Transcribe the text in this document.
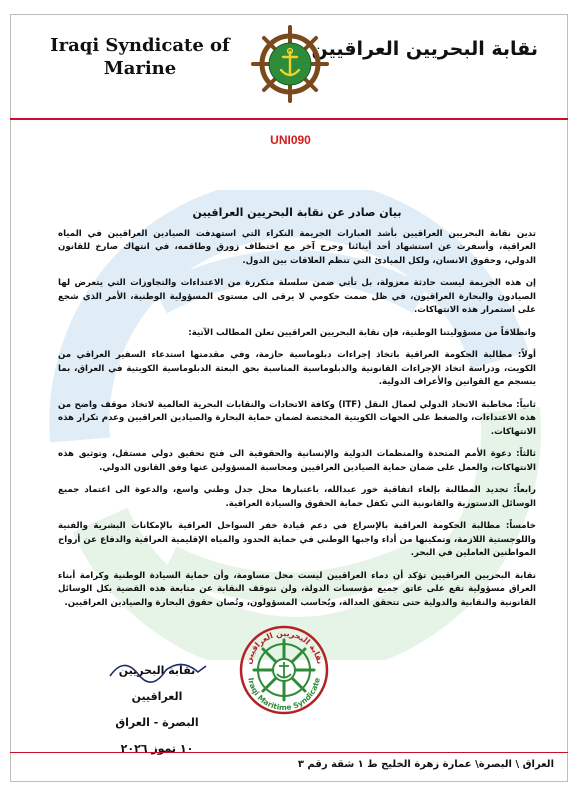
Iraqi Syndicate of
Marine
نقابة البحريين العراقيين
UNI090
بيان صادر عن نقابة البحريين العراقيين

تدين نقابة البحريين العراقيين بأشد العبارات الجريمة النكراء التي استهدفت الصيادين العراقيين في المياه العراقية، وأسفرت عن استشهاد أحد أبنائنا وجرح آخر مع اختطاف زورق وطاقمه، في انتهاك صارخ للقانون الدولي، وحقوق الانسان، ولكل المبادئ التي تنظم العلاقات بين الدول.

إن هذه الجريمة ليست حادثة معزولة، بل تأتي ضمن سلسلة متكررة من الاعتداءات والتجاوزات التي يتعرض لها الصيادون والبحارة العراقيون، في ظل صمت حكومي لا يرقى الى مستوى المسؤولية الوطنية، الأمر الذي شجع على استمرار هذه الانتهاكات.

وانطلاقاً من مسؤوليتنا الوطنية، فإن نقابة البحريين العراقيين تعلن المطالب الآتية:

أولاً: مطالبة الحكومة العراقية باتخاذ إجراءات دبلوماسية حازمة، وفي مقدمتها استدعاء السفير العراقي من الكويت، ودراسة اتخاذ الإجراءات القانونية والدبلوماسية المناسبة بحق البعثة الدبلوماسية الكويتية في العراق، بما ينسجم مع القوانين والأعراف الدولية.

ثانياً: مخاطبة الاتحاد الدولي لعمال النقل (ITF) وكافة الاتحادات والنقابات البحرية العالمية لاتخاذ موقف واضح من هذه الاعتداءات، والضغط على الجهات الكويتية المختصة لضمان حماية البحارة والصيادين العراقيين وعدم تكرار هذه الانتهاكات.

ثالثاً: دعوة الأمم المتحدة والمنظمات الدولية والإنسانية والحقوقية الى فتح تحقيق دولي مستقل، وتوثيق هذه الانتهاكات، والعمل على ضمان حماية الصيادين العراقيين ومحاسبة المسؤولين عنها وفق القانون الدولي.

رابعاً: تجديد المطالبة بإلغاء اتفاقية خور عبدالله، باعتبارها محل جدل وطني واسع، والدعوة الى اعتماد جميع الوسائل الدستورية والقانونية التي تكفل حماية الحقوق والسيادة العراقية.

خامساً: مطالبة الحكومة العراقية بالإسراع في دعم قيادة خفر السواحل العراقية بالإمكانات البشرية والفنية واللوجستية اللازمة، وتمكينها من أداء واجبها الوطني في حماية الحدود والمياه الإقليمية العراقية والدفاع عن أرواح المواطنين العاملين في البحر.

نقابة البحريين العراقيين تؤكد أن دماء العراقيين ليست محل مساومة، وأن حماية السيادة الوطنية وكرامة أبناء العراق مسؤولية تقع على عاتق جميع مؤسسات الدولة، ولن تتوقف النقابة عن متابعة هذه القضية بكل الوسائل القانونية والنقابية والدولية حتى تتحقق العدالة، ويُحاسب المسؤولون، وتُصان حقوق البحارة والصيادين العراقيين.

نقابة البحريين العراقيين
البصرة - العراق
١٠ تموز ٢٠٢٦
نقابة البحريين العراقيين
Iraqi Maritime Syndicate
العراق \ البصرة\ عمارة زهرة الخليج ط ١ شقة رقم ٣
